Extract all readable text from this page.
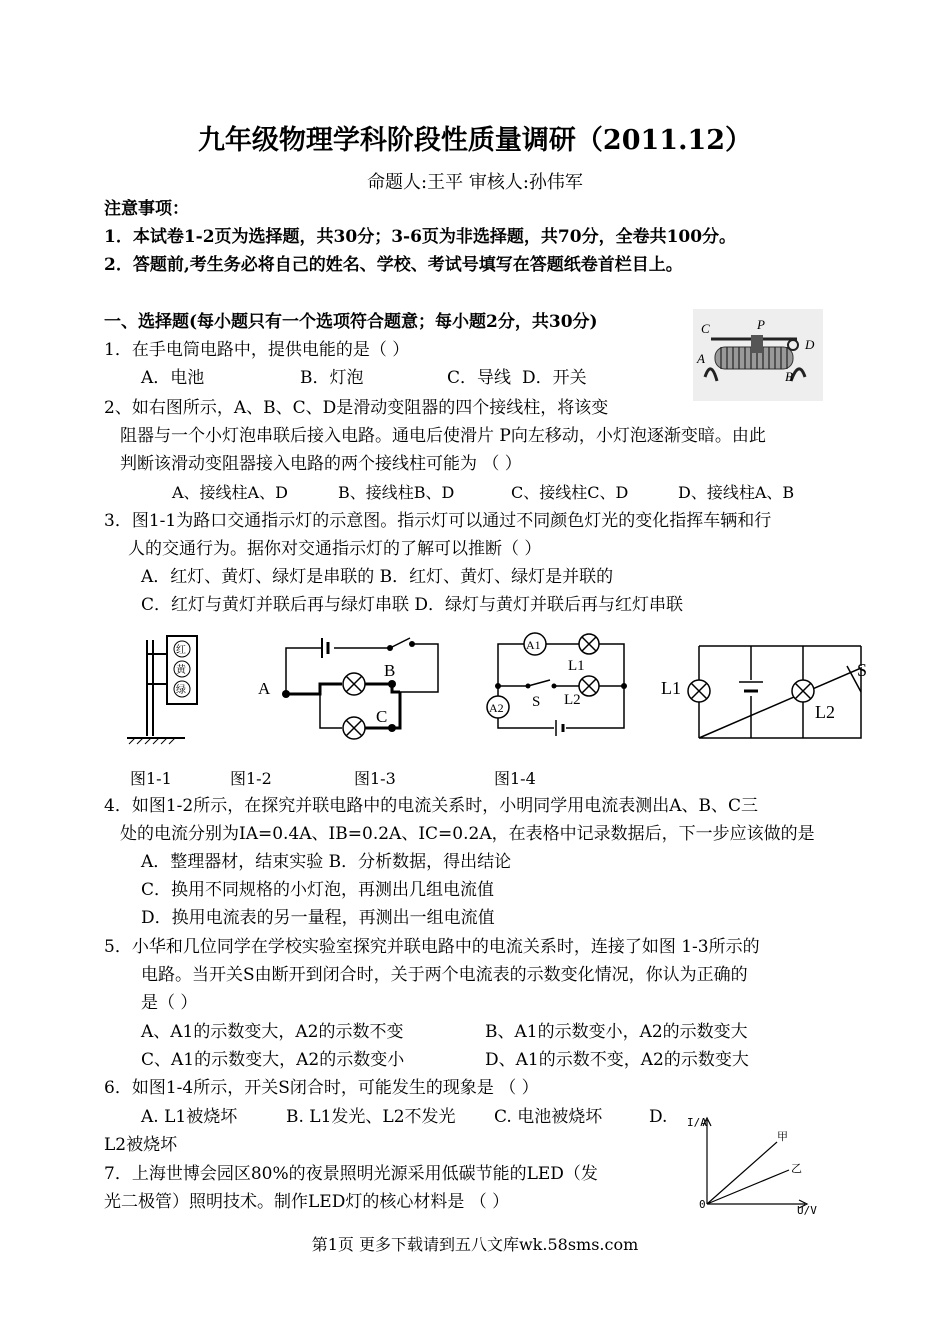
九年级物理学科阶段性质量调研（2011.12）
命题人:王平 审核人:孙伟军
注意事项：
1．本试卷1-2页为选择题，共30分；3-6页为非选择题，共70分，全卷共100分。
2．答题前,考生务必将自己的姓名、学校、考试号填写在答题纸卷首栏目上。
一、选择题(每小题只有一个选项符合题意；每小题2分，共30分)
1．在手电筒电路中，提供电能的是（ ）
A．电池	B．灯泡	C．导线 D．开关
C	P
D
A
B
2、如右图所示，A、B、C、D是滑动变阻器的四个接线柱，将该变
阻器与一个小灯泡串联后接入电路。通电后使滑片 P向左移动，小灯泡逐渐变暗。由此
判断该滑动变阻器接入电路的两个接线柱可能为 （ ）
A、接线柱A、D	B、接线柱B、D	C、接线柱C、D	D、接线柱A、B
3．图1-1为路口交通指示灯的示意图。指示灯可以通过不同颜色灯光的变化指挥车辆和行
人的交通行为。据你对交通指示灯的了解可以推断（ ）
A．红灯、黄灯、绿灯是串联的 B．红灯、黄灯、绿灯是并联的
C．红灯与黄灯并联后再与绿灯串联 D．绿灯与黄灯并联后再与红灯串联
红
黄
绿	A
B
C
A1
L1
S L2
A2
L1
L2
S
图1-1	图1-2	图1-3	图1-4
4．如图1-2所示，在探究并联电路中的电流关系时，小明同学用电流表测出A、B、C三
处的电流分别为IA=0.4A、IB=0.2A、IC=0.2A，在表格中记录数据后，下一步应该做的是
A．整理器材，结束实验 B．分析数据，得出结论
C．换用不同规格的小灯泡，再测出几组电流值
D．换用电流表的另一量程，再测出一组电流值
5．小华和几位同学在学校实验室探究并联电路中的电流关系时，连接了如图 1-3所示的
电路。当开关S由断开到闭合时，关于两个电流表的示数变化情况，你认为正确的
是（ ）
A、A1的示数变大，A2的示数不变	B、A1的示数变小，A2的示数变大
C、A1的示数变大，A2的示数变小	D、A1的示数不变，A2的示数变大
6．如图1-4所示，开关S闭合时，可能发生的现象是 （ ）
A. L1被烧坏	B. L1发光、L2不发光 C. 电池被烧坏	D.
L2被烧坏
7．上海世博会园区80%的夜景照明光源采用低碳节能的LED（发
光二极管）照明技术。制作LED灯的核心材料是 （ ）
I/A
U/V
0
甲
乙
第1页 更多下载请到五八文库wk.58sms.com
